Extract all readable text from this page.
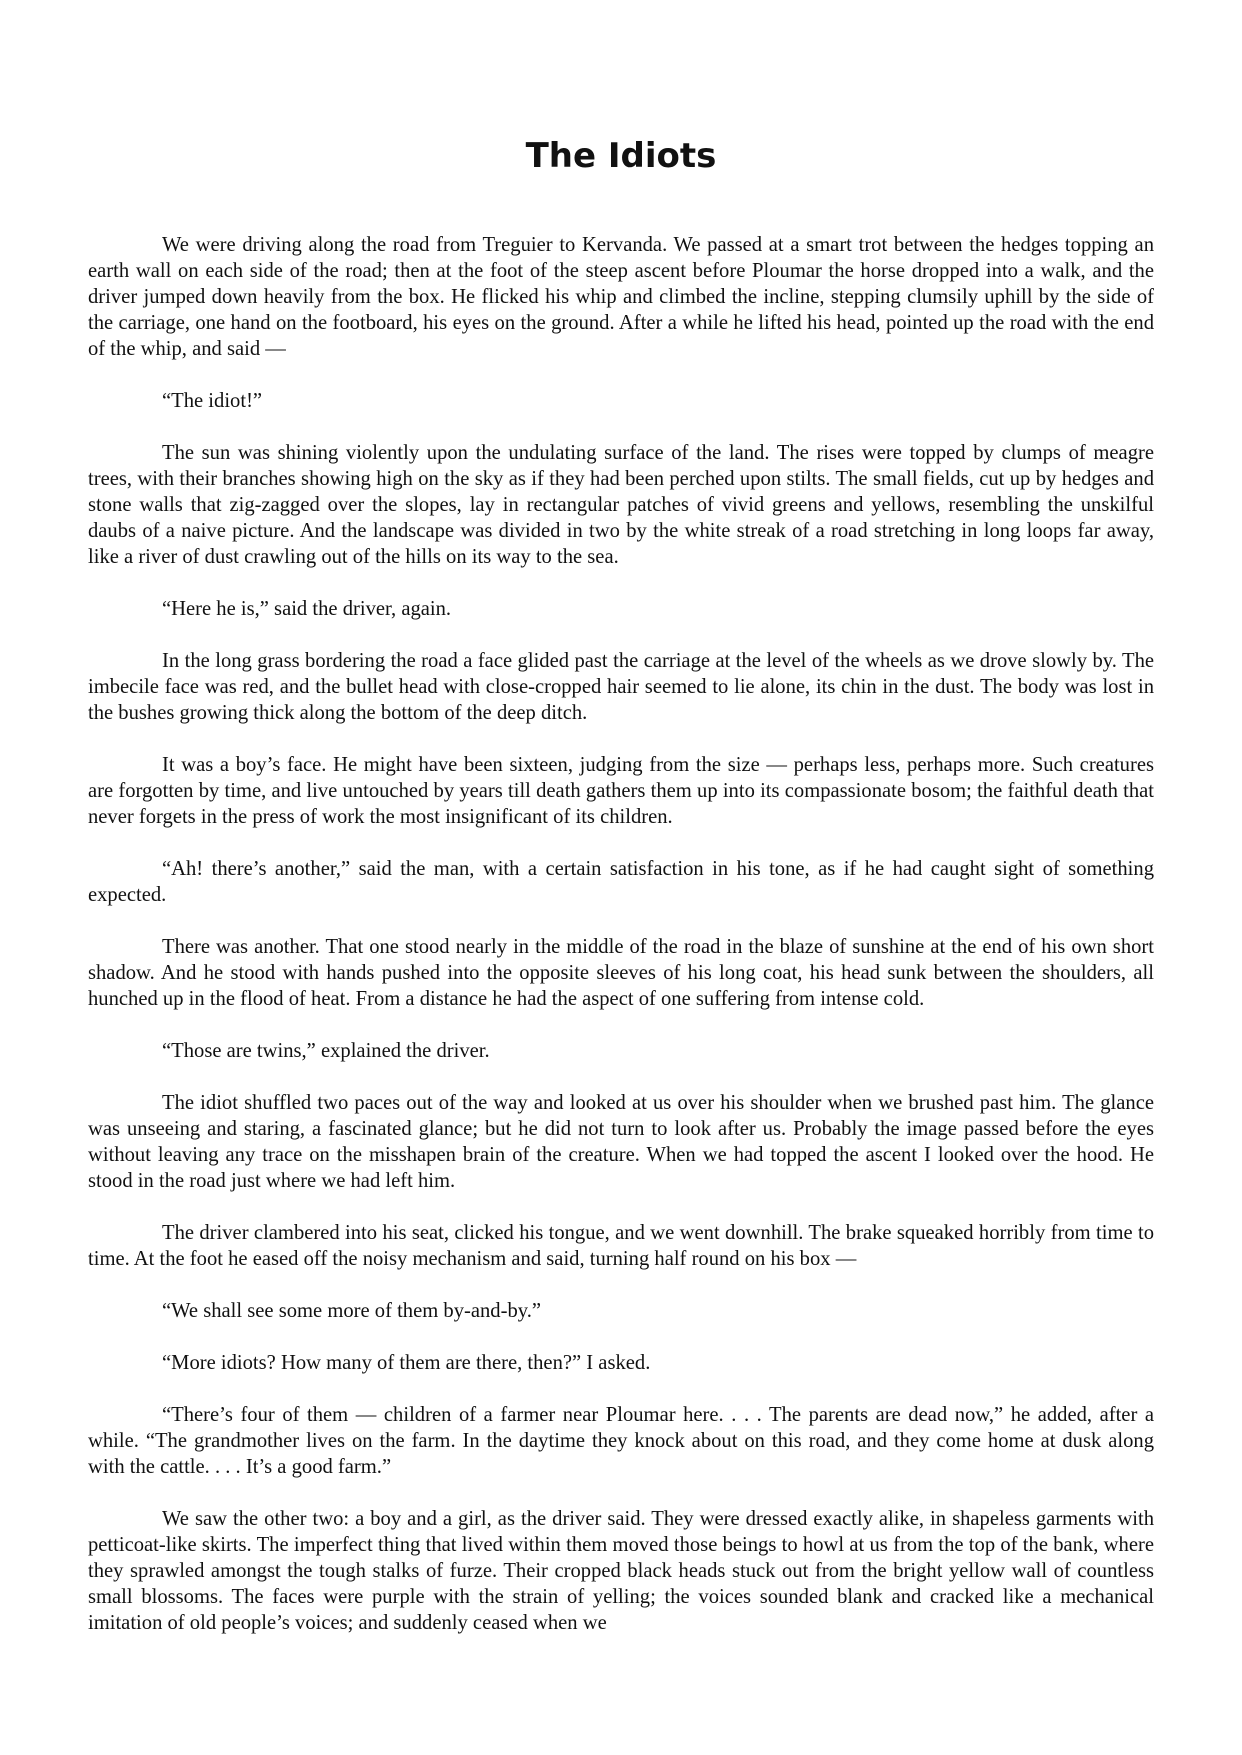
The Idiots

We were driving along the road from Treguier to Kervanda. We passed at a smart trot between the hedges topping an earth wall on each side of the road; then at the foot of the steep ascent before Ploumar the horse dropped into a walk, and the driver jumped down heavily from the box. He flicked his whip and climbed the incline, stepping clumsily uphill by the side of the carriage, one hand on the footboard, his eyes on the ground. After a while he lifted his head, pointed up the road with the end of the whip, and said —

“The idiot!”

The sun was shining violently upon the undulating surface of the land. The rises were topped by clumps of meagre trees, with their branches showing high on the sky as if they had been perched upon stilts. The small fields, cut up by hedges and stone walls that zig-zagged over the slopes, lay in rectangular patches of vivid greens and yellows, resembling the unskilful daubs of a naive picture. And the landscape was divided in two by the white streak of a road stretching in long loops far away, like a river of dust crawling out of the hills on its way to the sea.

“Here he is,” said the driver, again.

In the long grass bordering the road a face glided past the carriage at the level of the wheels as we drove slowly by. The imbecile face was red, and the bullet head with close-cropped hair seemed to lie alone, its chin in the dust. The body was lost in the bushes growing thick along the bottom of the deep ditch.

It was a boy’s face. He might have been sixteen, judging from the size — perhaps less, perhaps more. Such creatures are forgotten by time, and live untouched by years till death gathers them up into its compassionate bosom; the faithful death that never forgets in the press of work the most insignificant of its children.

“Ah! there’s another,” said the man, with a certain satisfaction in his tone, as if he had caught sight of something expected.

There was another. That one stood nearly in the middle of the road in the blaze of sunshine at the end of his own short shadow. And he stood with hands pushed into the opposite sleeves of his long coat, his head sunk between the shoulders, all hunched up in the flood of heat. From a distance he had the aspect of one suffering from intense cold.

“Those are twins,” explained the driver.

The idiot shuffled two paces out of the way and looked at us over his shoulder when we brushed past him. The glance was unseeing and staring, a fascinated glance; but he did not turn to look after us. Probably the image passed before the eyes without leaving any trace on the misshapen brain of the creature. When we had topped the ascent I looked over the hood. He stood in the road just where we had left him.

The driver clambered into his seat, clicked his tongue, and we went downhill. The brake squeaked horribly from time to time. At the foot he eased off the noisy mechanism and said, turning half round on his box —

“We shall see some more of them by-and-by.”

“More idiots? How many of them are there, then?” I asked.

“There’s four of them — children of a farmer near Ploumar here. . . . The parents are dead now,” he added, after a while. “The grandmother lives on the farm. In the daytime they knock about on this road, and they come home at dusk along with the cattle. . . . It’s a good farm.”

We saw the other two: a boy and a girl, as the driver said. They were dressed exactly alike, in shapeless garments with petticoat-like skirts. The imperfect thing that lived within them moved those beings to howl at us from the top of the bank, where they sprawled amongst the tough stalks of furze. Their cropped black heads stuck out from the bright yellow wall of countless small blossoms. The faces were purple with the strain of yelling; the voices sounded blank and cracked like a mechanical imitation of old people’s voices; and suddenly ceased when we
